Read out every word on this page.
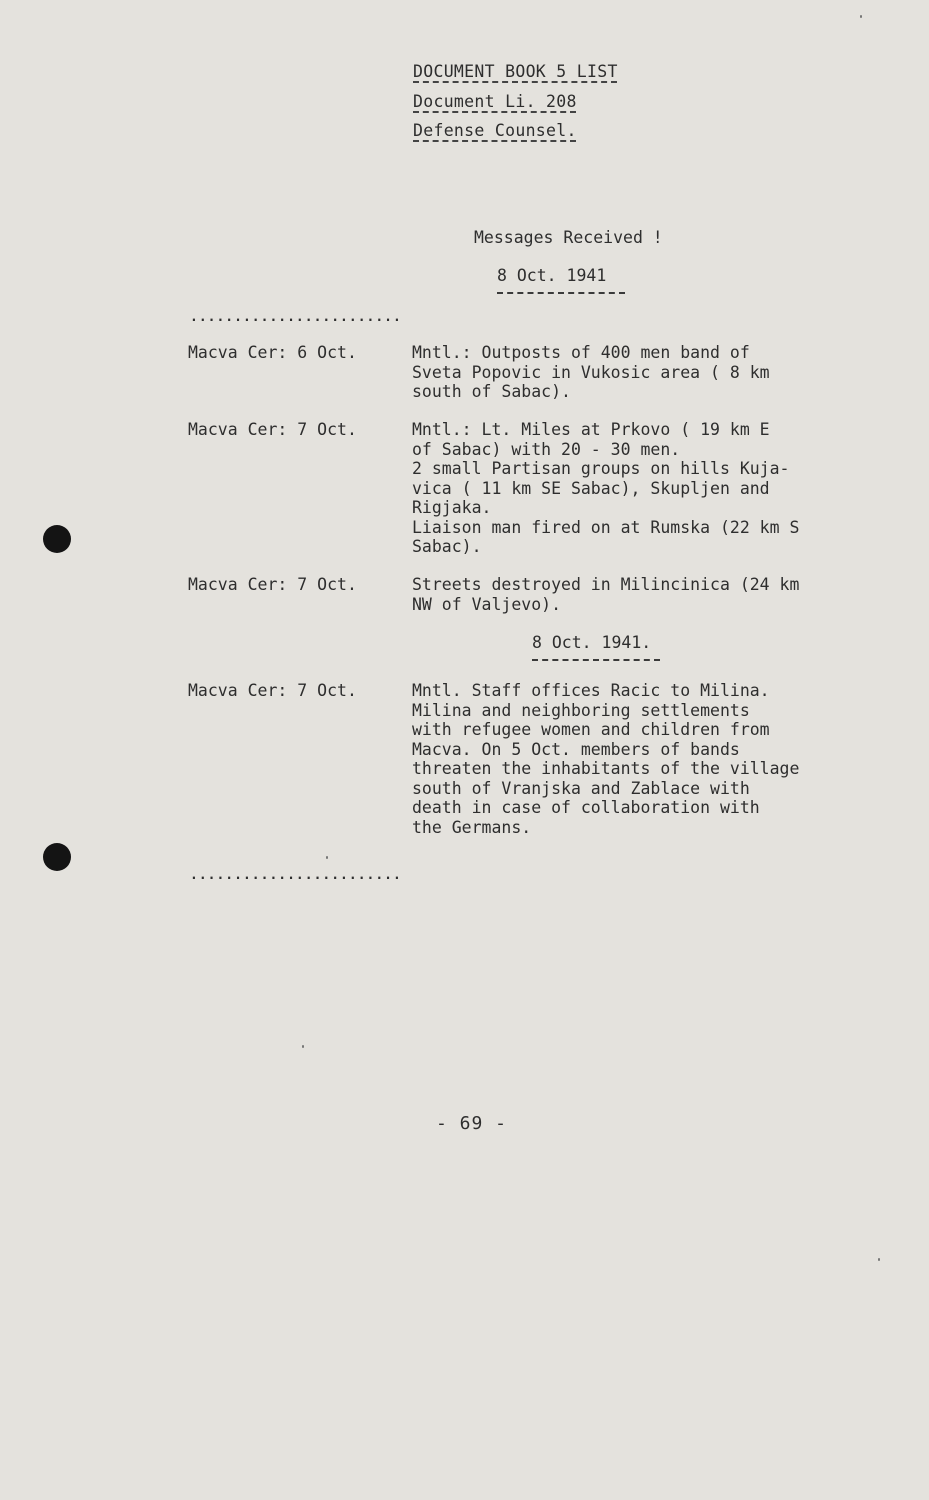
DOCUMENT BOOK 5 LIST
Document Li. 208
Defense Counsel.
Messages Received !
8 Oct. 1941
........................
Macva Cer: 6 Oct.	Mntl.: Outposts of 400 men band of
Sveta Popovic in Vukosic area ( 8 km
south of Sabac).
Macva Cer: 7 Oct.	Mntl.: Lt. Miles at Prkovo ( 19 km E
of Sabac) with 20 - 30 men.
2 small Partisan groups on hills Kuja-
vica ( 11 km SE Sabac), Skupljen and
Rigjaka.
Liaison man fired on at Rumska (22 km S
Sabac).
Macva Cer: 7 Oct.	Streets destroyed in Milincinica (24 km
NW of Valjevo).
8 Oct. 1941.
Macva Cer: 7 Oct.	Mntl. Staff offices Racic to Milina.
Milina and neighboring settlements
with refugee women and children from
Macva. On 5 Oct. members of bands
threaten the inhabitants of the village
south of Vranjska and Zablace with
death in case of collaboration with
the Germans.
........................
- 69 -
